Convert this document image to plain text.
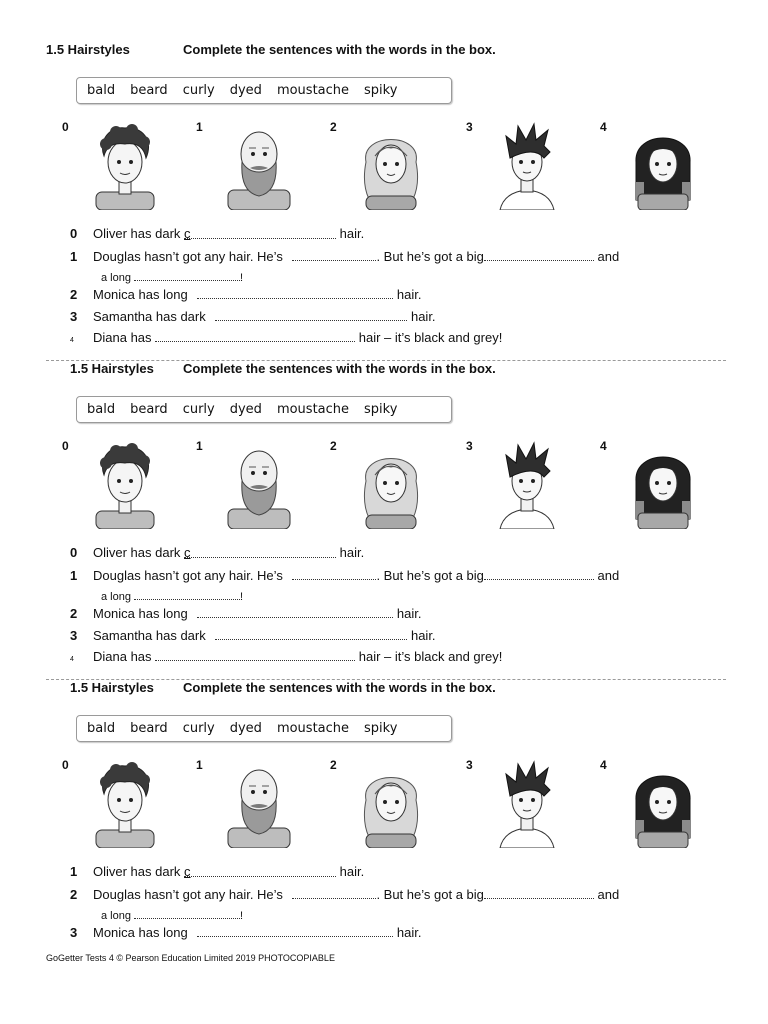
1.5 Hairstyles	Complete the sentences with the words in the box.
bald beard curly dyed moustache spiky
0	1	2	3	4
0 Oliver has dark c	hair.
1 Douglas hasn’t got any hair. He’s	. But he’s got a big	and
a long	!
2 Monica has long	hair.
3 Samantha has dark	hair.
4 Diana has	hair – it’s black and grey!
1.5 Hairstyles Complete the sentences with the words in the box.
bald beard curly dyed moustache spiky
0	1	2	3	4
0 Oliver has dark c	hair.
1 Douglas hasn’t got any hair. He’s	. But he’s got a big	and
a long	!
2 Monica has long	hair.
3 Samantha has dark	hair.
4 Diana has	hair – it’s black and grey!
1.5 Hairstyles Complete the sentences with the words in the box.
bald beard curly dyed moustache spiky
0	1	2	3	4
1 Oliver has dark c	hair.
2 Douglas hasn’t got any hair. He’s	. But he’s got a big	and
a long	!
3 Monica has long	hair.
GoGetter Tests 4 © Pearson Education Limited 2019 PHOTOCOPIABLE
